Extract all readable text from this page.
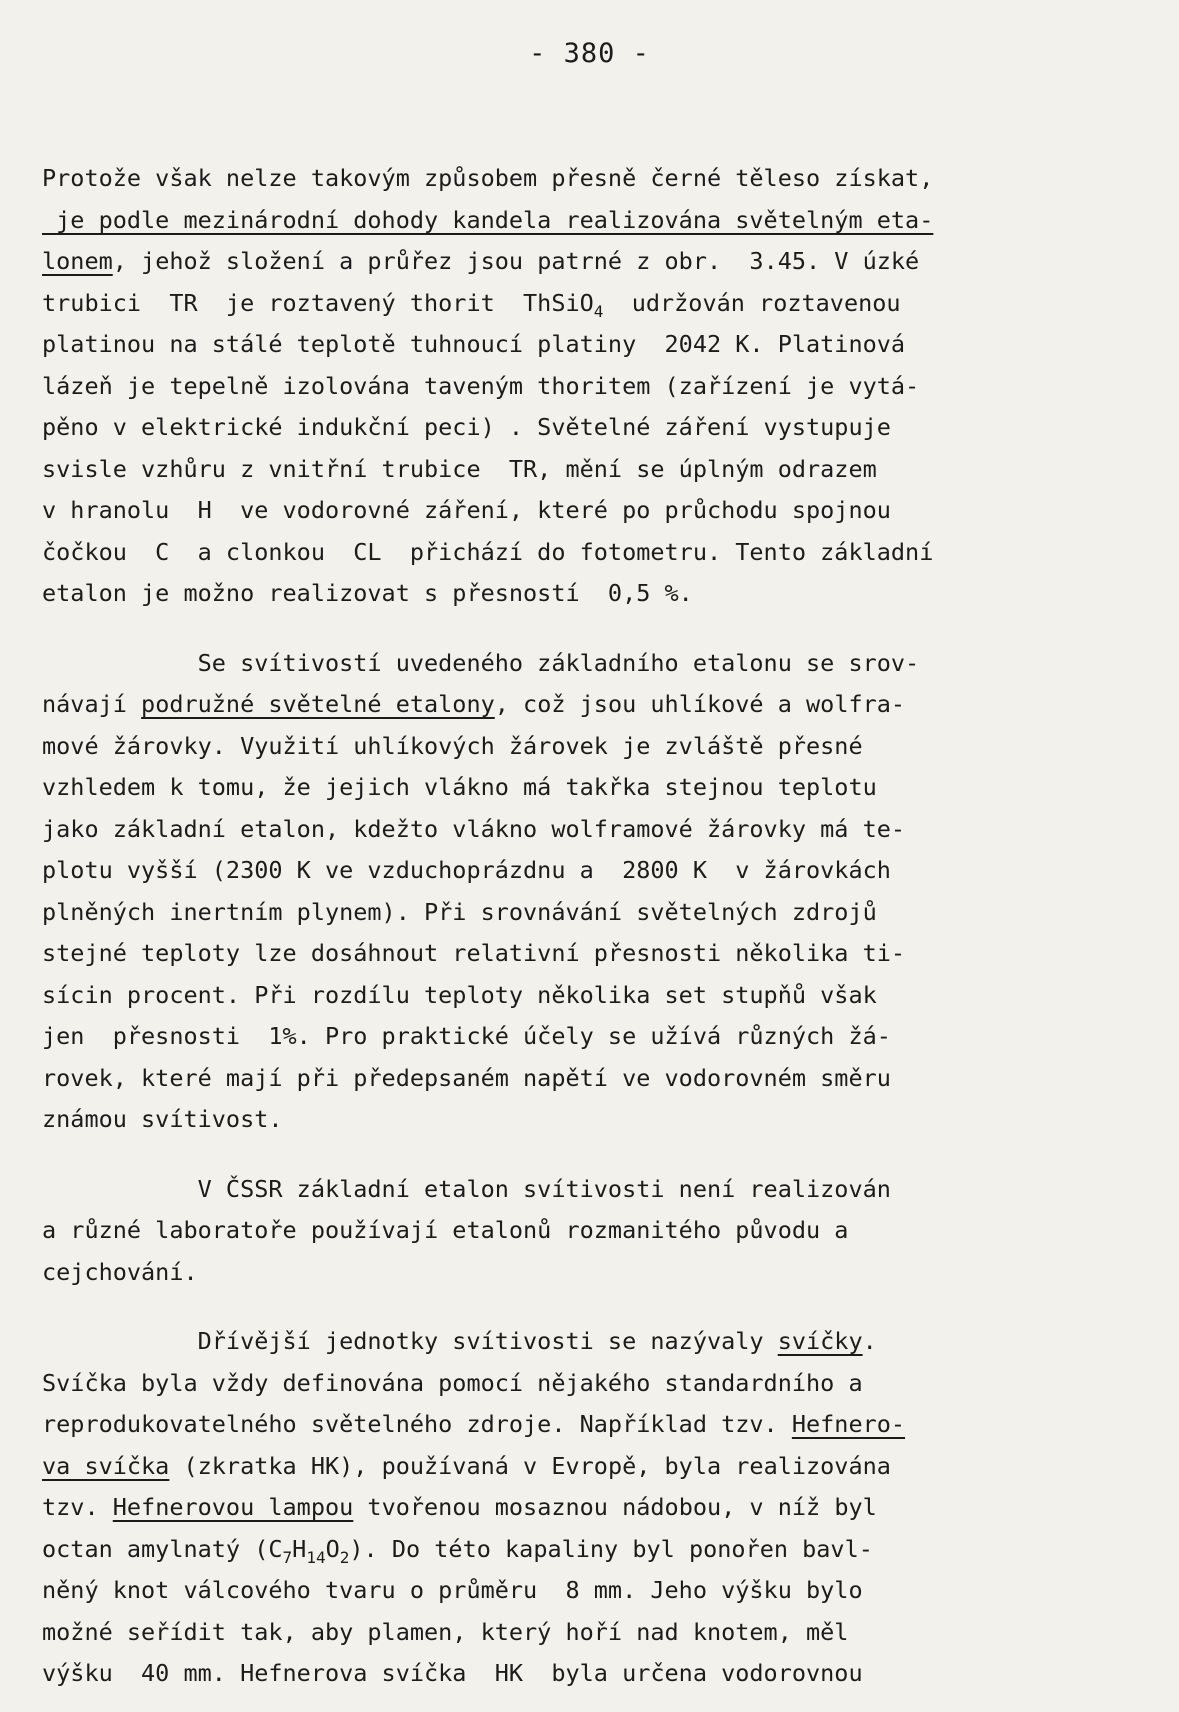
- 380 -
Protože však nelze takovým způsobem přesně černé těleso získat,
je podle mezinárodní dohody kandela realizována světelným eta-
lonem, jehož složení a průřez jsou patrné z obr.  3.45. V úzké
trubici  TR  je roztavený thorit  ThSiO$_4$  udržován roztavenou
platinou na stálé teplotě tuhnoucí platiny  2042 K. Platinová
lázeň je tepelně izolována taveným thoritem (zařízení je vytá-
pěno v elektrické indukční peci) . Světelné záření vystupuje
svisle vzhůru z vnitřní trubice  TR, mění se úplným odrazem
v hranolu  H  ve vodorovné záření, které po průchodu spojnou
čočkou  C  a clonkou  CL  přichází do fotometru. Tento základní
etalon je možno realizovat s přesností  0,5 %.
Se svítivostí uvedeného základního etalonu se srov-
návají podružné světelné etalony, což jsou uhlíkové a wolfra-
mové žárovky. Využití uhlíkových žárovek je zvláště přesné
vzhledem k tomu, že jejich vlákno má takřka stejnou teplotu
jako základní etalon, kdežto vlákno wolframové žárovky má te-
plotu vyšší (2300 K ve vzduchoprázdnu a  2800 K  v žárovkách
plněných inertním plynem). Při srovnávání světelných zdrojů
stejné teploty lze dosáhnout relativní přesnosti několika ti-
sícin procent. Při rozdílu teploty několika set stupňů však
jen  přesnosti  1%. Pro praktické účely se užívá různých žá-
rovek, které mají při předepsaném napětí ve vodorovném směru
známou svítivost.
V ČSSR základní etalon svítivosti není realizován
a různé laboratoře používají etalonů rozmanitého původu a
cejchování.
Dřívější jednotky svítivosti se nazývaly svíčky.
Svíčka byla vždy definována pomocí nějakého standardního a
reprodukovatelného světelného zdroje. Například tzv. Hefnero-
va svíčka (zkratka HK), používaná v Evropě, byla realizována
tzv. Hefnerovou lampou tvořenou mosaznou nádobou, v níž byl
octan amylnatý $(C_7H_{14}O_2)$. Do této kapaliny byl ponořen bavl-
něný knot válcového tvaru o průměru  8 mm. Jeho výšku bylo
možné seřídit tak, aby plamen, který hoří nad knotem, měl
výšku  40 mm. Hefnerova svíčka  HK  byla určena vodorovnou
